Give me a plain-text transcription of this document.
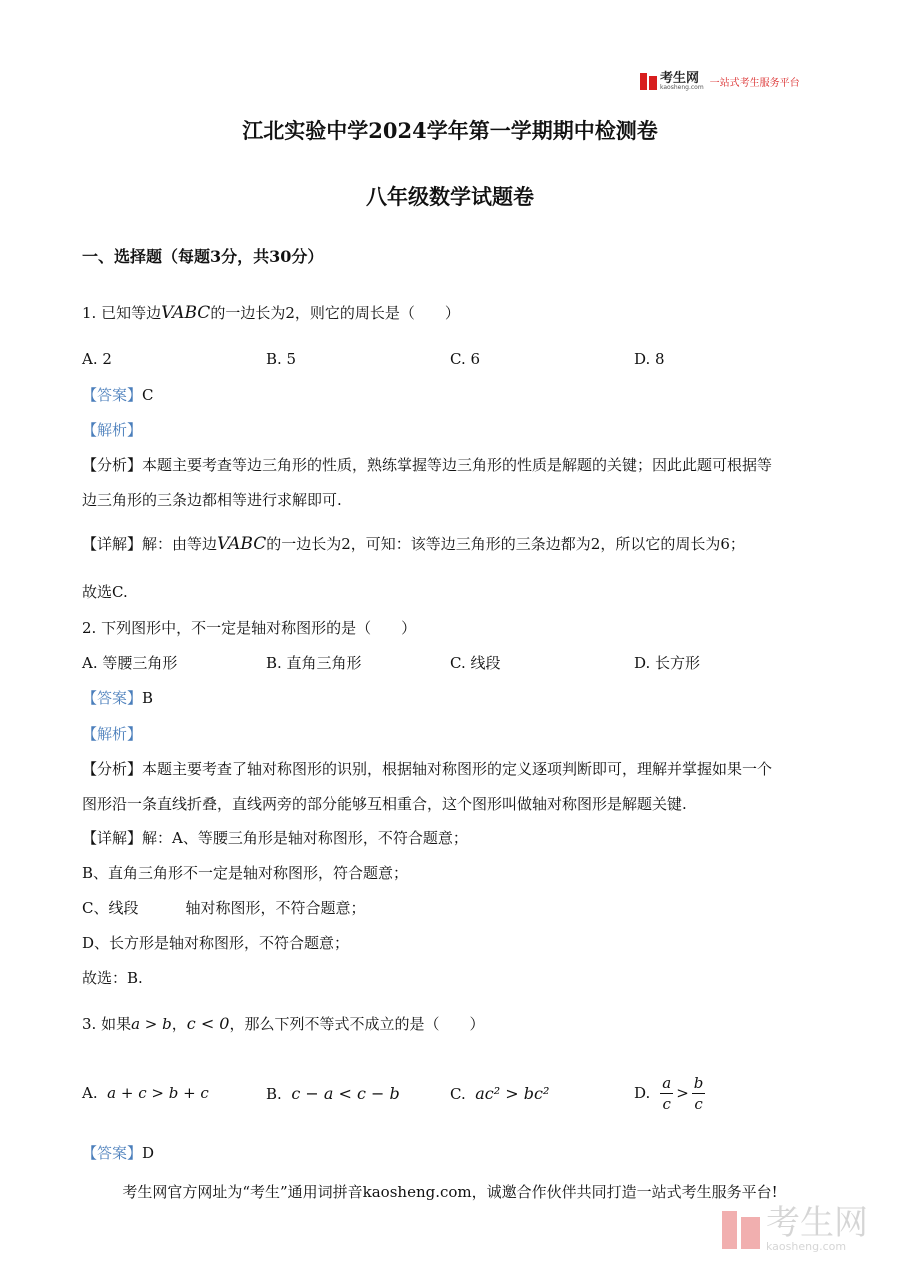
考生网
kaosheng.com 一站式考生服务平台
江北实验中学2024学年第一学期期中检测卷
八年级数学试题卷
一、选择题（每题3分，共30分）
1. 已知等边VABC的一边长为2，则它的周长是（　　）
A. 2	B. 5	C. 6	D. 8
【答案】C
【解析】
【分析】本题主要考查等边三角形的性质，熟练掌握等边三角形的性质是解题的关键；因此此题可根据等
边三角形的三条边都相等进行求解即可.
【详解】解：由等边VABC的一边长为2，可知：该等边三角形的三条边都为2，所以它的周长为6；
故选C.
2. 下列图形中，不一定是轴对称图形的是（　　）
A. 等腰三角形	B. 直角三角形	C. 线段	D. 长方形
【答案】B
【解析】
【分析】本题主要考查了轴对称图形的识别，根据轴对称图形的定义逐项判断即可，理解并掌握如果一个
图形沿一条直线折叠，直线两旁的部分能够互相重合，这个图形叫做轴对称图形是解题关键.
【详解】解：A、等腰三角形是轴对称图形，不符合题意；
B、直角三角形不一定是轴对称图形，符合题意；
C、线段	轴对称图形，不符合题意；
D、长方形是轴对称图形，不符合题意；
故选：B.
3. 如果a > b，c < 0，那么下列不等式不成立的是（　　）
A. a + c > b + c	B. c − a < c − b	C. ac² > bc²	D. $\frac{a}{c} > \frac{b}{c}$
【答案】D
考生网官方网址为“考生”通用词拼音kaosheng.com，诚邀合作伙伴共同打造一站式考生服务平台!
考生网
kaosheng.com
